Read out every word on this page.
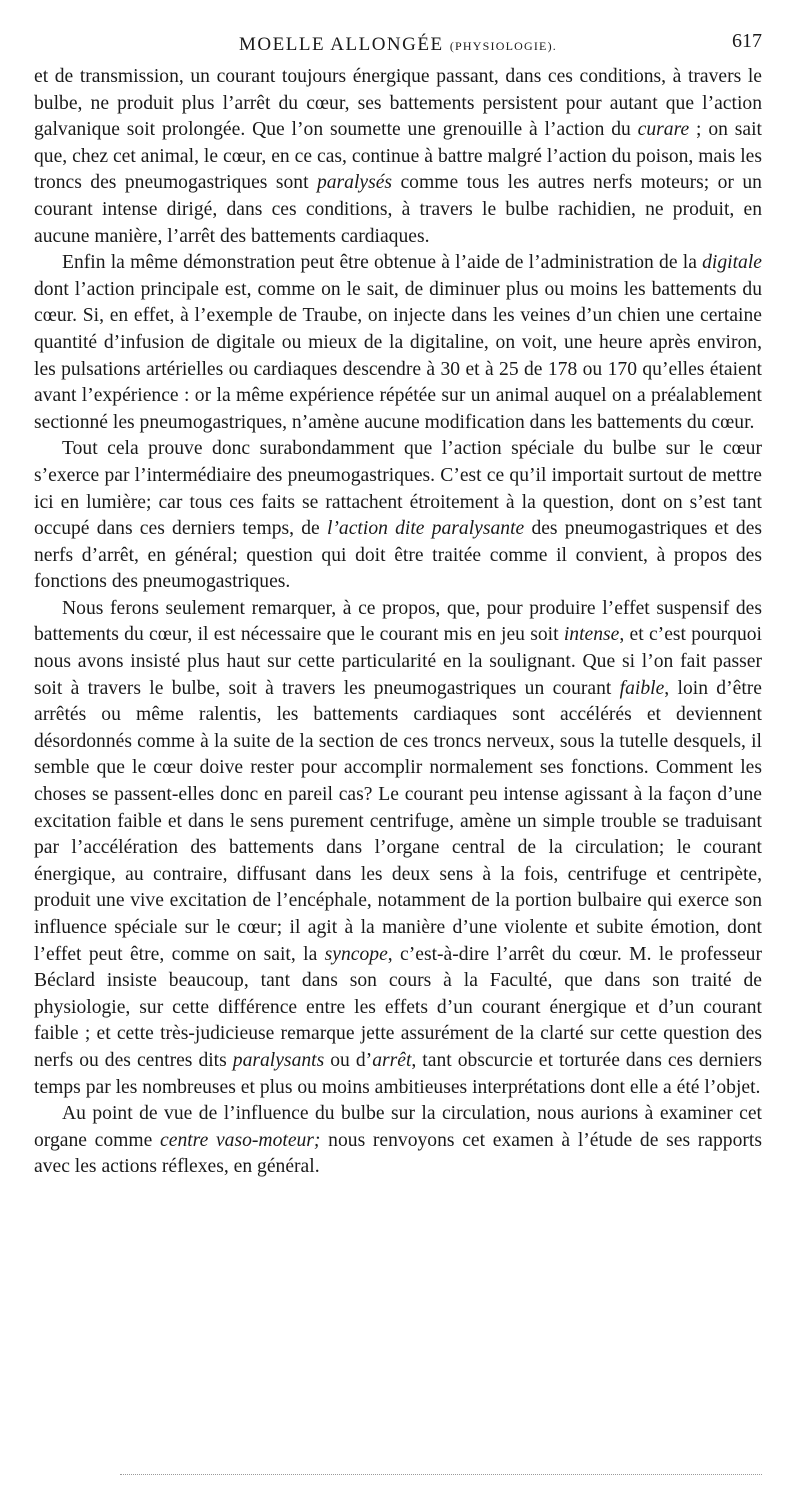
MOELLE ALLONGÉE (PHYSIOLOGIE).	617

et de transmission, un courant toujours énergique passant, dans ces conditions, à travers le bulbe, ne produit plus l’arrêt du cœur, ses battements persistent pour autant que l’action galvanique soit prolongée. Que l’on soumette une grenouille à l’action du curare ; on sait que, chez cet animal, le cœur, en ce cas, continue à battre malgré l’action du poison, mais les troncs des pneumogastriques sont paralysés comme tous les autres nerfs moteurs; or un courant intense dirigé, dans ces conditions, à travers le bulbe rachidien, ne produit, en aucune manière, l’arrêt des battements cardiaques.

Enfin la même démonstration peut être obtenue à l’aide de l’administration de la digitale dont l’action principale est, comme on le sait, de diminuer plus ou moins les battements du cœur. Si, en effet, à l’exemple de Traube, on injecte dans les veines d’un chien une certaine quantité d’infusion de digitale ou mieux de la digitaline, on voit, une heure après environ, les pulsations artérielles ou cardiaques descendre à 30 et à 25 de 178 ou 170 qu’elles étaient avant l’expérience : or la même expérience répétée sur un animal auquel on a préalablement sectionné les pneumogastriques, n’amène aucune modification dans les battements du cœur.

Tout cela prouve donc surabondamment que l’action spéciale du bulbe sur le cœur s’exerce par l’intermédiaire des pneumogastriques. C’est ce qu’il importait surtout de mettre ici en lumière; car tous ces faits se rattachent étroitement à la question, dont on s’est tant occupé dans ces derniers temps, de l’action dite paralysante des pneumogastriques et des nerfs d’arrêt, en général; question qui doit être traitée comme il convient, à propos des fonctions des pneumogastriques.

Nous ferons seulement remarquer, à ce propos, que, pour produire l’effet suspensif des battements du cœur, il est nécessaire que le courant mis en jeu soit intense, et c’est pourquoi nous avons insisté plus haut sur cette particularité en la soulignant. Que si l’on fait passer soit à travers le bulbe, soit à travers les pneumogastriques un courant faible, loin d’être arrêtés ou même ralentis, les battements cardiaques sont accélérés et deviennent désordonnés comme à la suite de la section de ces troncs nerveux, sous la tutelle desquels, il semble que le cœur doive rester pour accomplir normalement ses fonctions. Comment les choses se passent-elles donc en pareil cas? Le courant peu intense agissant à la façon d’une excitation faible et dans le sens purement centrifuge, amène un simple trouble se traduisant par l’accélération des battements dans l’organe central de la circulation; le courant énergique, au contraire, diffusant dans les deux sens à la fois, centrifuge et centripète, produit une vive excitation de l’encéphale, notamment de la portion bulbaire qui exerce son influence spéciale sur le cœur; il agit à la manière d’une violente et subite émotion, dont l’effet peut être, comme on sait, la syncope, c’est-à-dire l’arrêt du cœur. M. le professeur Béclard insiste beaucoup, tant dans son cours à la Faculté, que dans son traité de physiologie, sur cette différence entre les effets d’un courant énergique et d’un courant faible ; et cette très-judicieuse remarque jette assurément de la clarté sur cette question des nerfs ou des centres dits paralysants ou d’arrêt, tant obscurcie et torturée dans ces derniers temps par les nombreuses et plus ou moins ambitieuses interprétations dont elle a été l’objet.

Au point de vue de l’influence du bulbe sur la circulation, nous aurions à examiner cet organe comme centre vaso-moteur; nous renvoyons cet examen à l’étude de ses rapports avec les actions réflexes, en général.
